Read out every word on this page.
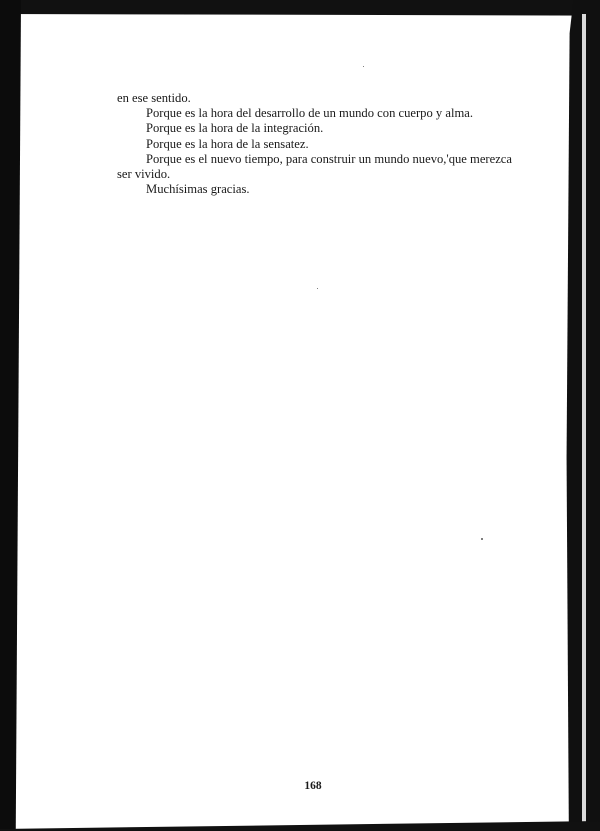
en ese sentido.
Porque es la hora del desarrollo de un mundo con cuerpo y alma.
Porque es la hora de la integración.
Porque es la hora de la sensatez.
Porque es el nuevo tiempo, para construir un mundo nuevo,'que merezca
ser vivido.
Muchísimas gracias.
168
